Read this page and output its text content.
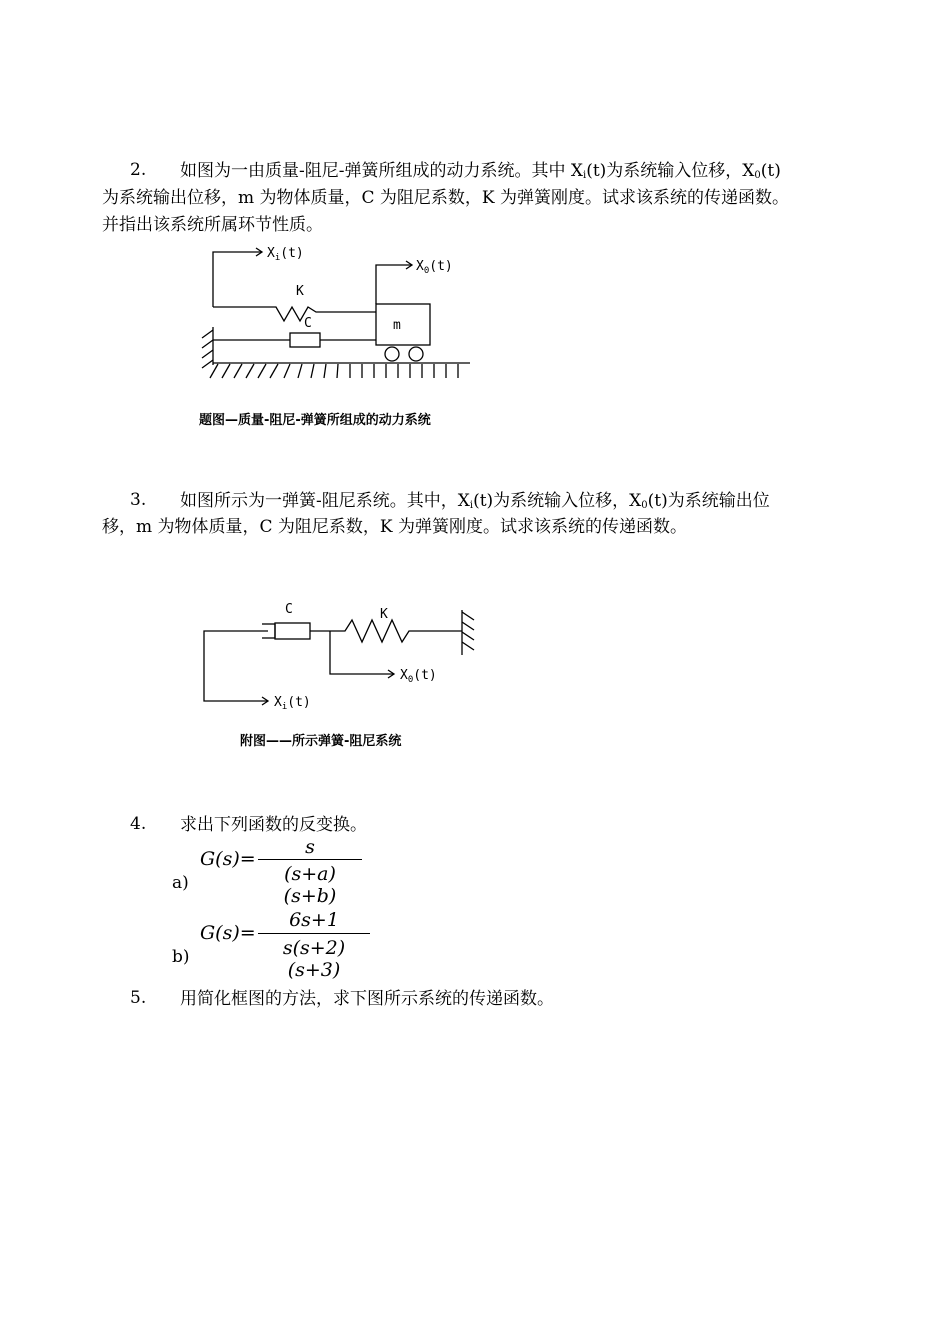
2. 如图为一由质量-阻尼-弹簧所组成的动力系统。其中 $X_i(t)$为系统输入位移，$X_0(t)$
为系统输出位移，m 为物体质量，C 为阻尼系数，K 为弹簧刚度。试求该系统的传递函数。
并指出该系统所属环节性质。
$X_i(t)$
$X_0(t)$
K
C	m
题图—质量-阻尼-弹簧所组成的动力系统
3. 如图所示为一弹簧-阻尼系统。其中，$X_i(t)$为系统输入位移，$X_0(t)$为系统输出位
移，m 为物体质量，C 为阻尼系数，K 为弹簧刚度。试求该系统的传递函数。
C	K
$X_0(t)$
$X_i(t)$
附图——所示弹簧-阻尼系统
4. 求出下列函数的反变换。
a)
G(s)=
s
(s+a)(s+b)
b)
G(s)=
6s+1
s(s+2)(s+3)
5. 用简化框图的方法，求下图所示系统的传递函数。
